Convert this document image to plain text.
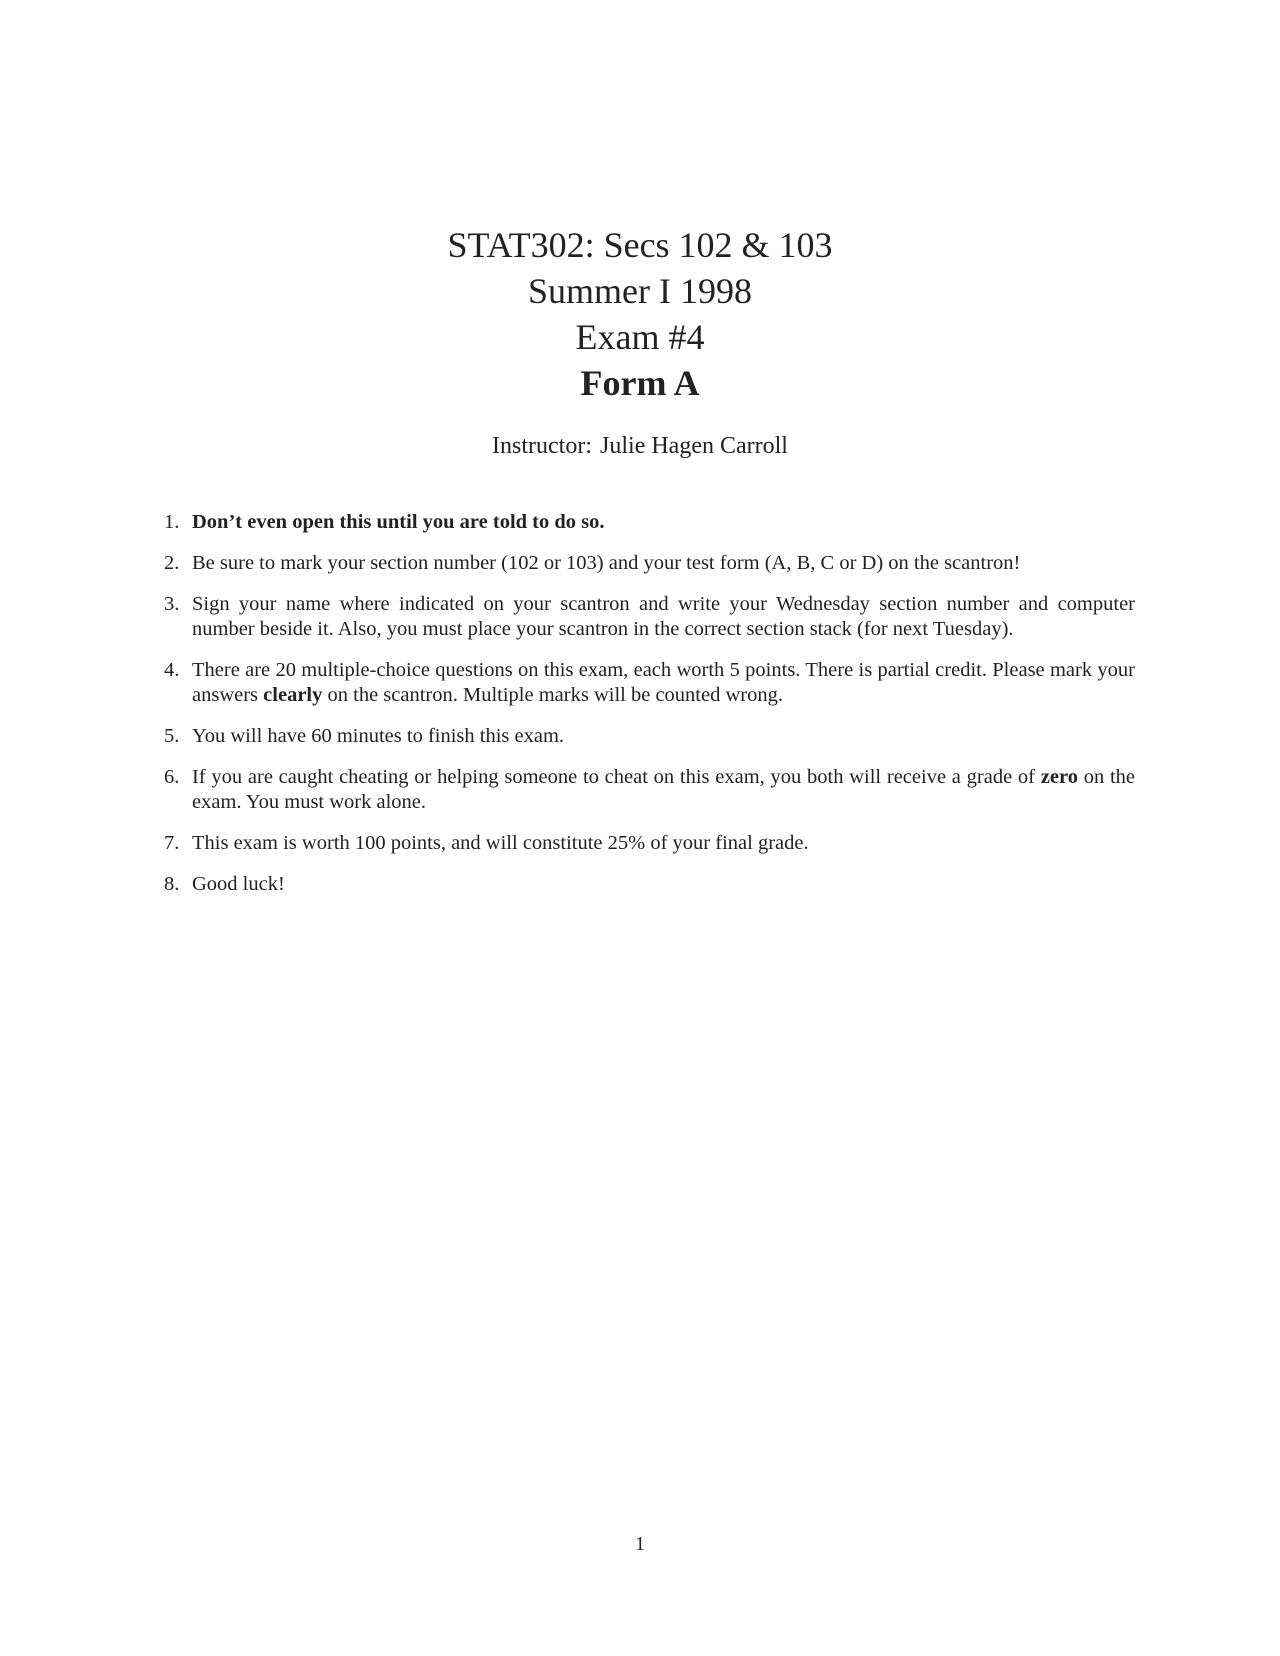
STAT302: Secs 102 & 103
Summer I 1998
Exam #4
Form A
Instructor: Julie Hagen Carroll
1. Don’t even open this until you are told to do so.
2. Be sure to mark your section number (102 or 103) and your test form (A, B, C or D) on the scantron!
3. Sign your name where indicated on your scantron and write your Wednesday section number and computer number beside it. Also, you must place your scantron in the correct section stack (for next Tuesday).
4. There are 20 multiple-choice questions on this exam, each worth 5 points. There is partial credit. Please mark your answers clearly on the scantron. Multiple marks will be counted wrong.
5. You will have 60 minutes to finish this exam.
6. If you are caught cheating or helping someone to cheat on this exam, you both will receive a grade of zero on the exam. You must work alone.
7. This exam is worth 100 points, and will constitute 25% of your final grade.
8. Good luck!
1
